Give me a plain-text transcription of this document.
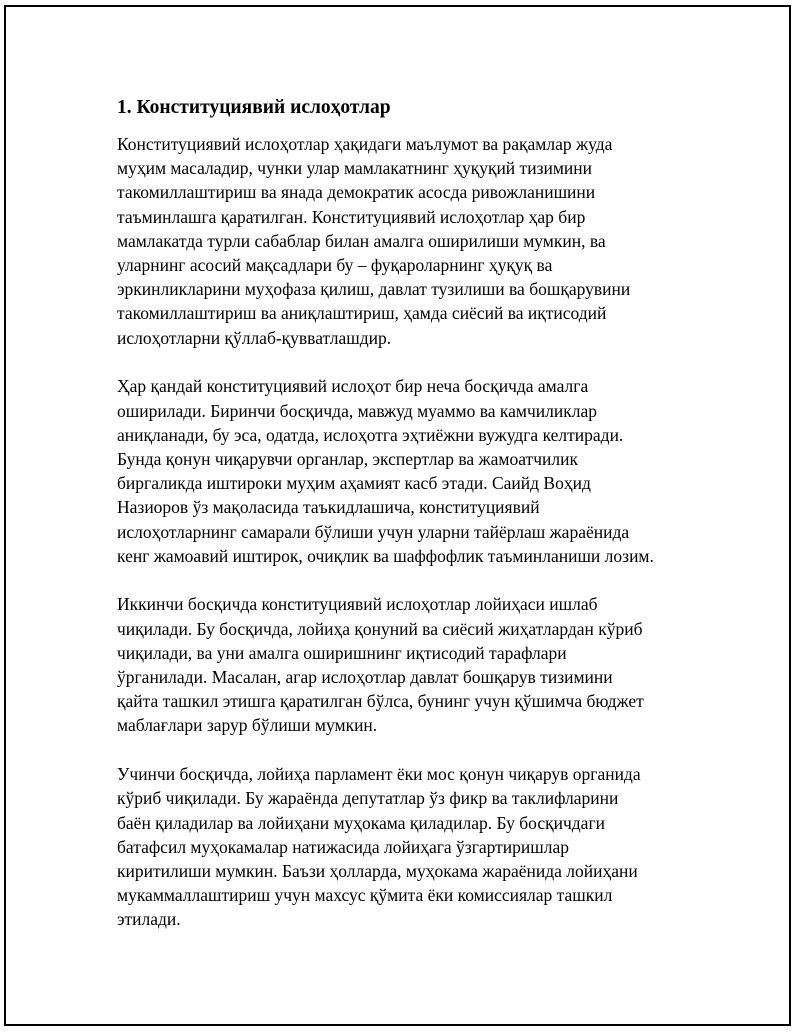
1. Конституциявий ислоҳотлар

Конституциявий ислоҳотлар ҳақидаги маълумот ва рақамлар жуда
муҳим масаладир, чунки улар мамлакатнинг ҳуқуқий тизимини
такомиллаштириш ва янада демократик асосда ривожланишини
таъминлашга қаратилган. Конституциявий ислоҳотлар ҳар бир
мамлакатда турли сабаблар билан амалга оширилиши мумкин, ва
уларнинг асосий мақсадлари бу – фуқароларнинг ҳуқуқ ва
эркинликларини муҳофаза қилиш, давлат тузилиши ва бошқарувини
такомиллаштириш ва аниқлаштириш, ҳамда сиёсий ва иқтисодий
ислоҳотларни қўллаб-қувватлашдир.

Ҳар қандай конституциявий ислоҳот бир неча босқичда амалга
оширилади. Биринчи босқичда, мавжуд муаммо ва камчиликлар
аниқланади, бу эса, одатда, ислоҳотга эҳтиёжни вужудга келтиради.
Бунда қонун чиқарувчи органлар, экспертлар ва жамоатчилик
биргаликда иштироки муҳим аҳамият касб этади. Саийд Воҳид
Назиоров ўз мақоласида таъкидлашича, конституциявий
ислоҳотларнинг самарали бўлиши учун уларни тайёрлаш жараёнида
кенг жамоавий иштирок, очиқлик ва шаффофлик таъминланиши лозим.

Иккинчи босқичда конституциявий ислоҳотлар лойиҳаси ишлаб
чиқилади. Бу босқичда, лойиҳа қонуний ва сиёсий жиҳатлардан кўриб
чиқилади, ва уни амалга оширишнинг иқтисодий тарафлари
ўрганилади. Масалан, агар ислоҳотлар давлат бошқарув тизимини
қайта ташкил этишга қаратилган бўлса, бунинг учун қўшимча бюджет
маблағлари зарур бўлиши мумкин.

Учинчи босқичда, лойиҳа парламент ёки мос қонун чиқарув органида
кўриб чиқилади. Бу жараёнда депутатлар ўз фикр ва таклифларини
баён қиладилар ва лойиҳани муҳокама қиладилар. Бу босқичдаги
батафсил муҳокамалар натижасида лойиҳага ўзгартиришлар
киритилиши мумкин. Баъзи ҳолларда, муҳокама жараёнида лойиҳани
мукаммаллаштириш учун махсус қўмита ёки комиссиялар ташкил
этилади.
